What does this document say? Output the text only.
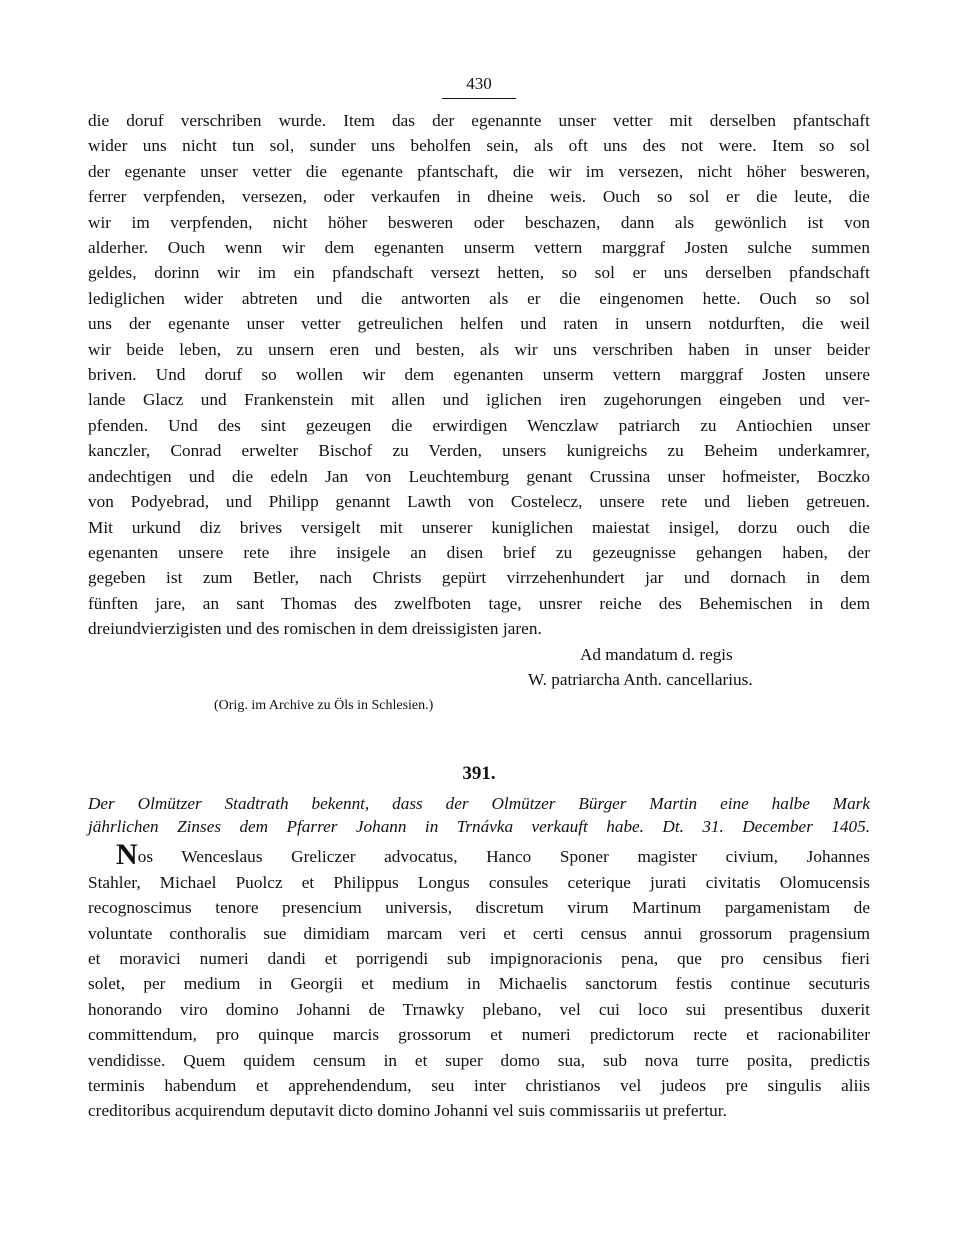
430

die doruf verschriben wurde. Item das der egenannte unser vetter mit derselben pfantschaft
wider uns nicht tun sol, sunder uns beholfen sein, als oft uns des not were. Item so sol
der egenante unser vetter die egenante pfantschaft, die wir im versezen, nicht höher besweren,
ferrer verpfenden, versezen, oder verkaufen in dheine weis. Ouch so sol er die leute, die
wir im verpfenden, nicht höher besweren oder beschazen, dann als gewönlich ist von
alderher. Ouch wenn wir dem egenanten unserm vettern marggraf Josten sulche summen
geldes, dorinn wir im ein pfandschaft versezt hetten, so sol er uns derselben pfandschaft
lediglichen wider abtreten und die antworten als er die eingenomen hette. Ouch so sol
uns der egenante unser vetter getreulichen helfen und raten in unsern notdurften, die weil
wir beide leben, zu unsern eren und besten, als wir uns verschriben haben in unser beider
briven. Und doruf so wollen wir dem egenanten unserm vettern marggraf Josten unsere
lande Glacz und Frankenstein mit allen und iglichen iren zugehorungen eingeben und ver-
pfenden. Und des sint gezeugen die erwirdigen Wenczlaw patriarch zu Antiochien unser
kanczler, Conrad erwelter Bischof zu Verden, unsers kunigreichs zu Beheim underkamrer,
andechtigen und die edeln Jan von Leuchtemburg genant Crussina unser hofmeister, Boczko
von Podyebrad, und Philipp genannt Lawth von Costelecz, unsere rete und lieben getreuen.
Mit urkund diz brives versigelt mit unserer kuniglichen maiestat insigel, dorzu ouch die
egenanten unsere rete ihre insigele an disen brief zu gezeugnisse gehangen haben, der
gegeben ist zum Betler, nach Christs gepürt virrzehenhundert jar und dornach in dem
fünften jare, an sant Thomas des zwelfboten tage, unsrer reiche des Behemischen in dem
dreiundvierzigisten und des romischen in dem dreissigisten jaren.

Ad mandatum d. regis
W. patriarcha Anth. cancellarius.
(Orig. im Archive zu Öls in Schlesien.)
391.
Der Olmützer Stadtrath bekennt, dass der Olmützer Bürger Martin eine halbe Mark
jährlichen Zinses dem Pfarrer Johann in Trnávka verkauft habe. Dt. 31. December 1405.

Nos Wenceslaus Greliczer advocatus, Hanco Sponer magister civium, Johannes
Stahler, Michael Puolcz et Philippus Longus consules ceterique jurati civitatis Olomucensis
recognoscimus tenore presencium universis, discretum virum Martinum pargamenistam de
voluntate conthoralis sue dimidiam marcam veri et certi census annui grossorum pragensium
et moravici numeri dandi et porrigendi sub impignoracionis pena, que pro censibus fieri
solet, per medium in Georgii et medium in Michaelis sanctorum festis continue secuturis
honorando viro domino Johanni de Trnawky plebano, vel cui loco sui presentibus duxerit
committendum, pro quinque marcis grossorum et numeri predictorum recte et racionabiliter
vendidisse. Quem quidem censum in et super domo sua, sub nova turre posita, predictis
terminis habendum et apprehendendum, seu inter christianos vel judeos pre singulis aliis
creditoribus acquirendum deputavit dicto domino Johanni vel suis commissariis ut prefertur.
